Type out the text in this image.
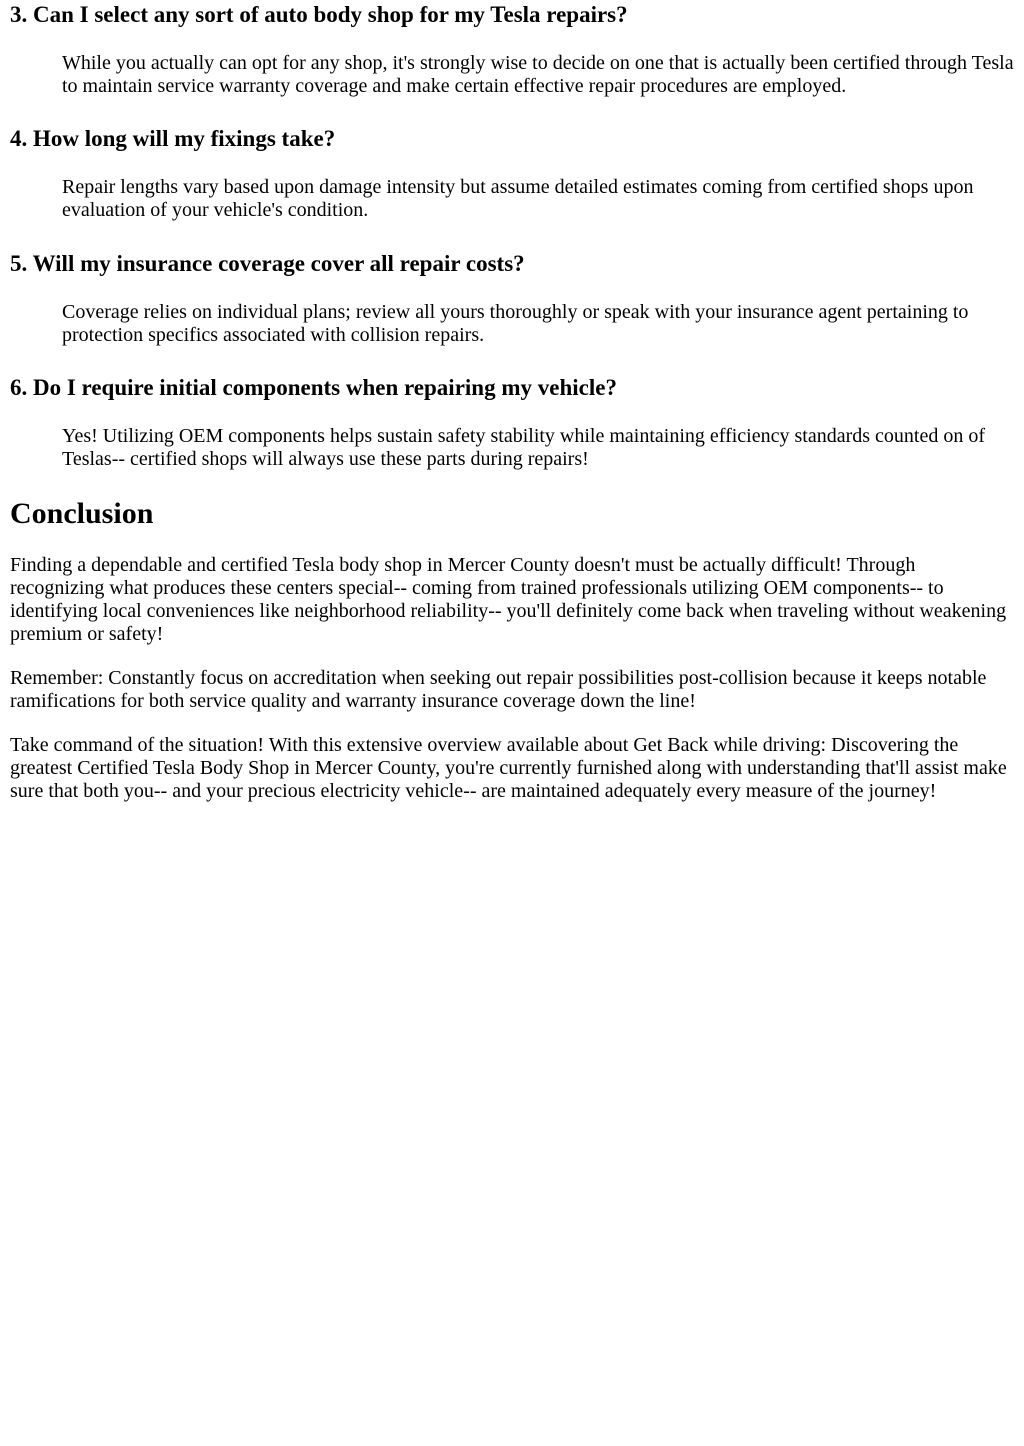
3. Can I select any sort of auto body shop for my Tesla repairs?

While you actually can opt for any shop, it's strongly wise to decide on one that is actually been certified through Tesla to maintain service warranty coverage and make certain effective repair procedures are employed.

4. How long will my fixings take?

Repair lengths vary based upon damage intensity but assume detailed estimates coming from certified shops upon evaluation of your vehicle's condition.

5. Will my insurance coverage cover all repair costs?

Coverage relies on individual plans; review all yours thoroughly or speak with your insurance agent pertaining to protection specifics associated with collision repairs.

6. Do I require initial components when repairing my vehicle?

Yes! Utilizing OEM components helps sustain safety stability while maintaining efficiency standards counted on of Teslas-- certified shops will always use these parts during repairs!

Conclusion

Finding a dependable and certified Tesla body shop in Mercer County doesn't must be actually difficult! Through recognizing what produces these centers special-- coming from trained professionals utilizing OEM components-- to identifying local conveniences like neighborhood reliability-- you'll definitely come back when traveling without weakening premium or safety!

Remember: Constantly focus on accreditation when seeking out repair possibilities post-collision because it keeps notable ramifications for both service quality and warranty insurance coverage down the line!

Take command of the situation! With this extensive overview available about Get Back while driving: Discovering the greatest Certified Tesla Body Shop in Mercer County, you're currently furnished along with understanding that'll assist make sure that both you-- and your precious electricity vehicle-- are maintained adequately every measure of the journey!
